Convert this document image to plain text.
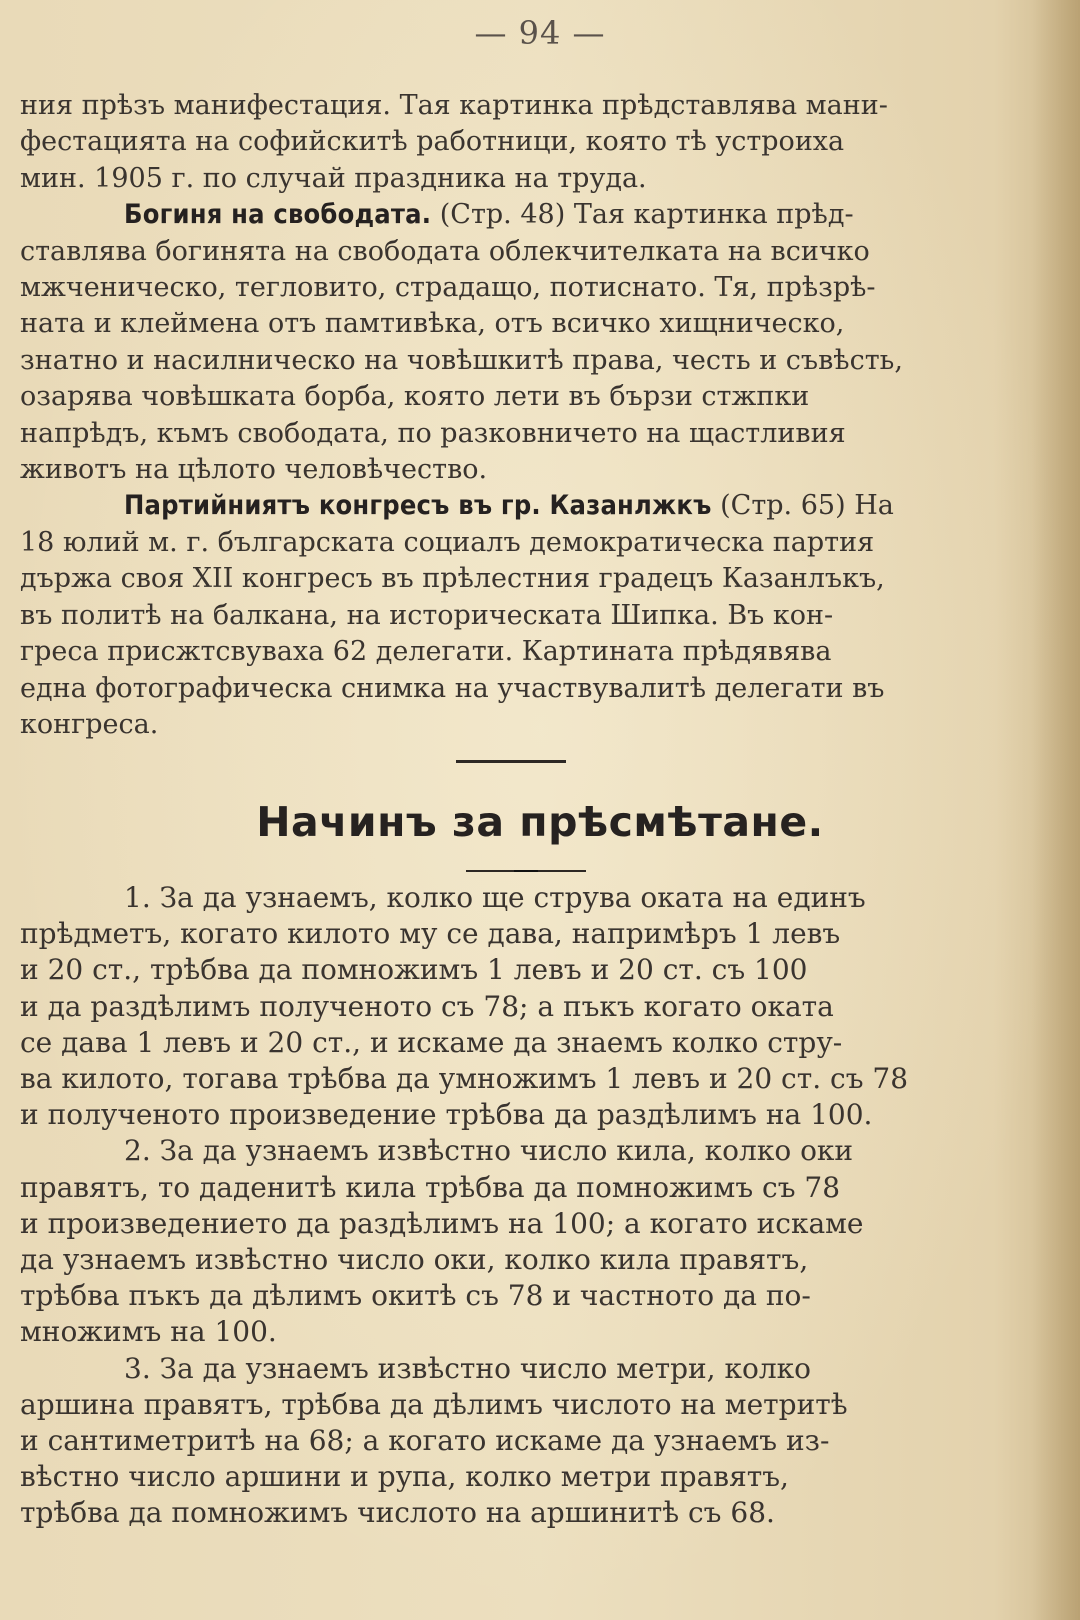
— 94 —
ния прѣзъ манифестация. Тая картинка прѣдставлява мани-
фестацията на софийскитѣ работници, която тѣ устроиха
мин. 1905 г. по случай праздника на труда.
Богиня на свободата. (Стр. 48) Тая картинка прѣд-
ставлява богинята на свободата облекчителката на всичко
мжченическо, тегловито, страдащо, потиснато. Тя, прѣзрѣ-
ната и клеймена отъ памтивѣка, отъ всичко хищническо,
знатно и насилническо на човѣшкитѣ права, честь и съвѣсть,
озарява човѣшката борба, която лети въ бързи стжпки
напрѣдъ, къмъ свободата, по разковничето на щастливия
животъ на цѣлото человѣчество.
Партийниятъ конгресъ въ гр. Казанлжкъ (Стр. 65) На
18 юлий м. г. българската социалъ демократическа партия
държа своя XII конгресъ въ прѣлестния градецъ Казанлъкъ,
въ политѣ на балкана, на историческата Шипка. Въ кон-
греса присжтсвуваха 62 делегати. Картината прѣдявява
една фотографическа снимка на участвувалитѣ делегати въ
конгреса.
Начинъ за прѣсмѣтане.
1. За да узнаемъ, колко ще струва оката на единъ
прѣдметъ, когато килото му се дава, напримѣръ 1 левъ
и 20 ст., трѣбва да помножимъ 1 левъ и 20 ст. съ 100
и да раздѣлимъ полученото съ 78; а пъкъ когато оката
се дава 1 левъ и 20 ст., и искаме да знаемъ колко стру-
ва килото, тогава трѣбва да умножимъ 1 левъ и 20 ст. съ 78
и полученото произведение трѣбва да раздѣлимъ на 100.
2. За да узнаемъ извѣстно число кила, колко оки
правятъ, то даденитѣ кила трѣбва да помножимъ съ 78
и произведението да раздѣлимъ на 100; а когато искаме
да узнаемъ извѣстно число оки, колко кила правятъ,
трѣбва пъкъ да дѣлимъ окитѣ съ 78 и частното да по-
множимъ на 100.
3. За да узнаемъ извѣстно число метри, колко
аршина правятъ, трѣбва да дѣлимъ числото на метритѣ
и сантиметритѣ на 68; а когато искаме да узнаемъ из-
вѣстно число аршини и рупа, колко метри правятъ,
трѣбва да помножимъ числото на аршинитѣ съ 68.
